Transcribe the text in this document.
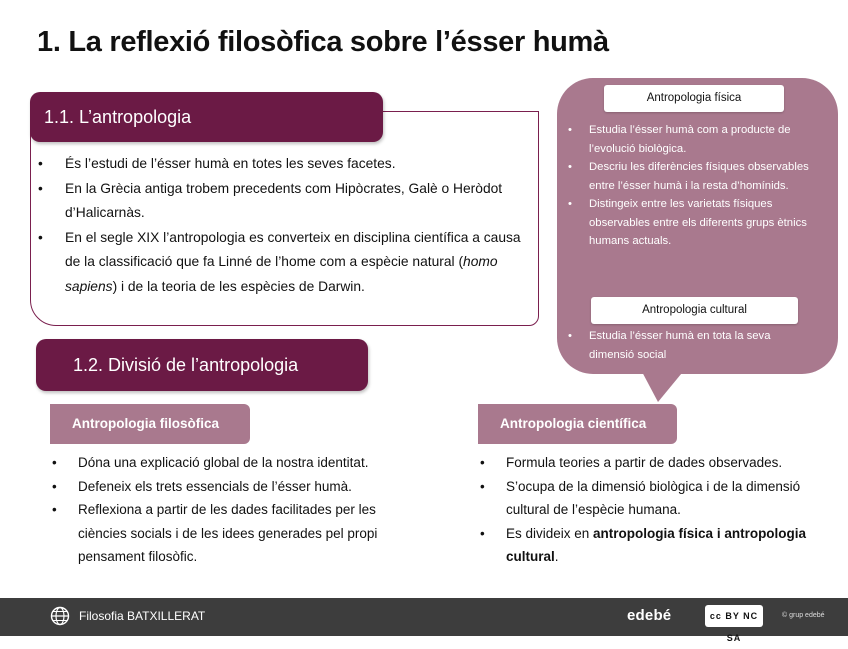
1. La reflexió filosòfica sobre l’ésser humà
1.1. L’antropologia
• És l’estudi de l’ésser humà en totes les seves facetes.
• En la Grècia antiga trobem precedents com Hipòcrates, Galè o Heròdot d’Halicarnàs.
• En el segle XIX l’antropologia es converteix en disciplina científica a causa de la classificació que fa Linné de l’home com a espècie natural (homo sapiens) i de la teoria de les espècies de Darwin.
Antropologia física
• Estudia l’ésser humà com a producte de l’evolució biològica.
• Descriu les diferències físiques observables entre l’ésser humà i la resta d’homínids.
• Distingeix entre les varietats físiques observables entre els diferents grups ètnics humans actuals.
Antropologia cultural
• Estudia l’ésser humà en tota la seva dimensió social
1.2. Divisió de l’antropologia
Antropologia filosòfica
• Dóna una explicació global de la nostra identitat.
• Defeneix els trets essencials de l’ésser humà.
• Reflexiona a partir de les dades facilitades per les ciències socials i de les idees generades pel propi pensament filosòfic.
Antropologia científica
• Formula teories a partir de dades observades.
• S’ocupa de la dimensió biològica i de la dimensió cultural de l’espècie humana.
• Es divideix en antropologia física i antropologia cultural.
Filosofia BATXILLERAT	edebé	cc BY NC SA
© grup edebé
